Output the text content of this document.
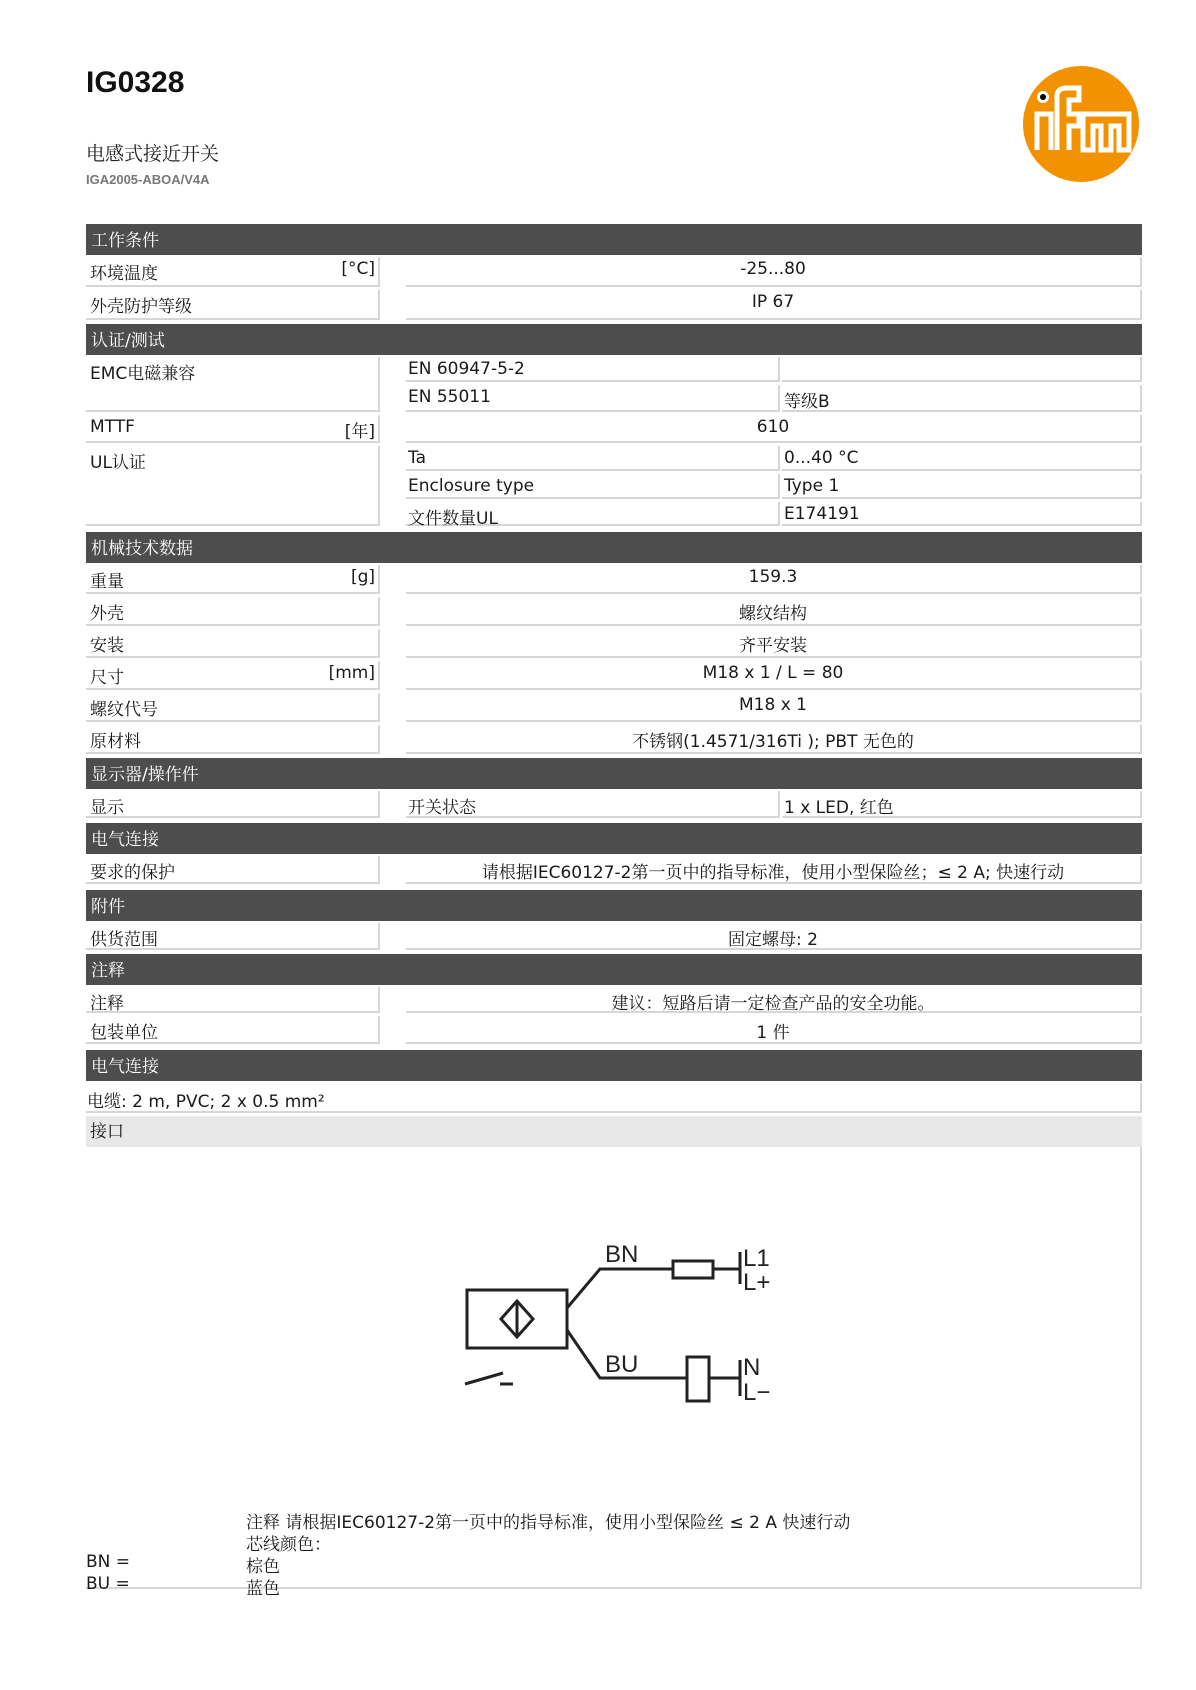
IG0328
电感式接近开关
IGA2005-ABOA/V4A
工作条件
环境温度	[°C]	-25...80
外壳防护等级	IP 67
认证/测试
EMC电磁兼容	EN 60947-5-2
EN 55011	等级B
MTTF	[年]	610
UL认证	Ta	0...40 °C
Enclosure type	Type 1
文件数量UL	E174191
机械技术数据
重量	[g]	159.3
外壳	螺纹结构
安装	齐平安装
尺寸	[mm]	M18 x 1 / L = 80
螺纹代号	M18 x 1
原材料	不锈钢(1.4571/316Ti ); PBT 无色的
显示器/操作件
显示	开关状态	1 x LED, 红色
电气连接
要求的保护	请根据IEC60127-2第一页中的指导标准，使用小型保险丝；≤ 2 A; 快速行动
附件
供货范围	固定螺母: 2
注释
注释	建议：短路后请一定检查产品的安全功能。
包装单位	1 件
电气连接
电缆: 2 m, PVC; 2 x 0.5 mm²
接口
BN
BU
L1
L+
N
L−
注释 请根据IEC60127-2第一页中的指导标准，使用小型保险丝 ≤ 2 A 快速行动
芯线颜色：
BN =	棕色
BU =	蓝色
